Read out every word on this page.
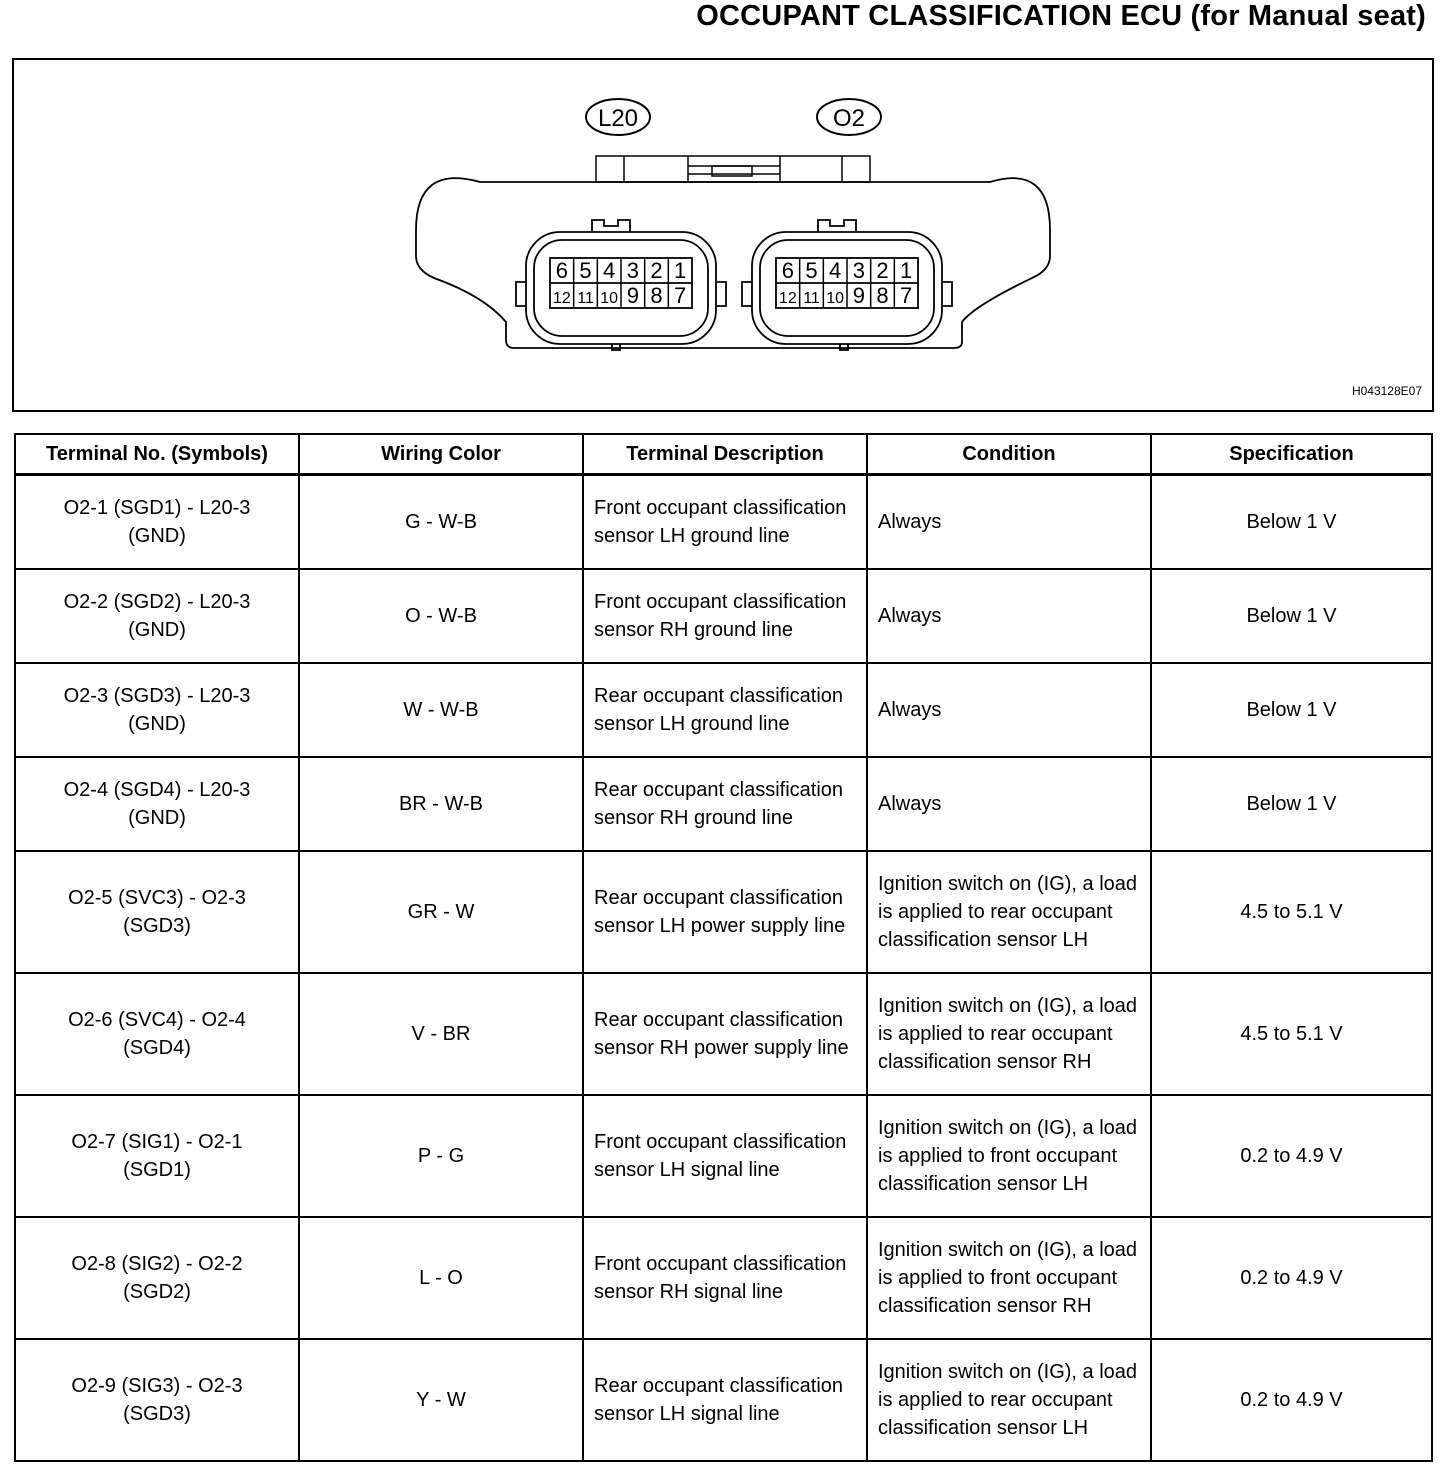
OCCUPANT CLASSIFICATION ECU (for Manual seat)
L20	O2
6 5 4 3 2 1
12 11 10 9 8 7
6 5 4 3 2 1
12 11 10 9 8 7
H043128E07
Terminal No. (Symbols)	Wiring Color	Terminal Description	Condition	Specification

O2-1 (SGD1) - L20-3
(GND)	G - W-B	Front occupant classification sensor LH ground line	Always	Below 1 V

O2-2 (SGD2) - L20-3
(GND)	O - W-B	Front occupant classification sensor RH ground line	Always	Below 1 V

O2-3 (SGD3) - L20-3
(GND)	W - W-B	Rear occupant classification sensor LH ground line	Always	Below 1 V

O2-4 (SGD4) - L20-3
(GND)	BR - W-B	Rear occupant classification sensor RH ground line	Always	Below 1 V

O2-5 (SVC3) - O2-3
(SGD3)	GR - W	Rear occupant classification sensor LH power supply line	Ignition switch on (IG), a load is applied to rear occupant classification sensor LH	4.5 to 5.1 V

O2-6 (SVC4) - O2-4
(SGD4)	V - BR	Rear occupant classification sensor RH power supply line	Ignition switch on (IG), a load is applied to rear occupant classification sensor RH	4.5 to 5.1 V

O2-7 (SIG1) - O2-1
(SGD1)	P - G	Front occupant classification sensor LH signal line	Ignition switch on (IG), a load is applied to front occupant classification sensor LH	0.2 to 4.9 V

O2-8 (SIG2) - O2-2
(SGD2)	L - O	Front occupant classification sensor RH signal line	Ignition switch on (IG), a load is applied to front occupant classification sensor RH	0.2 to 4.9 V

O2-9 (SIG3) - O2-3
(SGD3)	Y - W	Rear occupant classification sensor LH signal line	Ignition switch on (IG), a load is applied to rear occupant classification sensor LH	0.2 to 4.9 V
